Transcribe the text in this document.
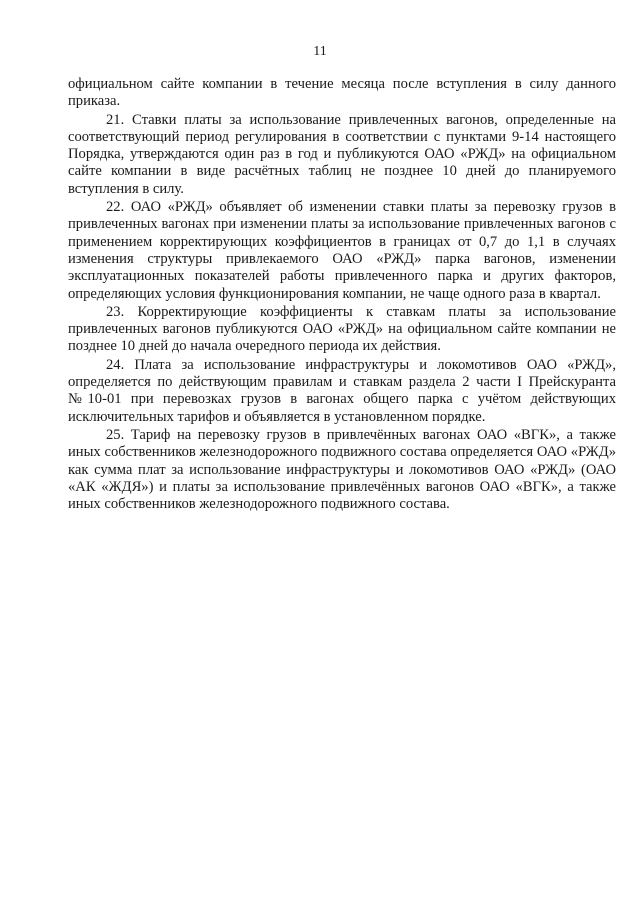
11

официальном сайте компании в течение месяца после вступления в силу данного приказа.

21. Ставки платы за использование привлеченных вагонов, определенные на соответствующий период регулирования в соответствии с пунктами 9-14 настоящего Порядка, утверждаются один раз в год и публикуются ОАО «РЖД» на официальном сайте компании в виде расчётных таблиц не позднее 10 дней до планируемого вступления в силу.

22. ОАО «РЖД» объявляет об изменении ставки платы за перевозку грузов в привлеченных вагонах при изменении платы за использование привлеченных вагонов с применением корректирующих коэффициентов в границах от 0,7 до 1,1 в случаях изменения структуры привлекаемого ОАО «РЖД» парка вагонов, изменении эксплуатационных показателей работы привлеченного парка и других факторов, определяющих условия функционирования компании, не чаще одного раза в квартал.

23. Корректирующие коэффициенты к ставкам платы за использование привлеченных вагонов публикуются ОАО «РЖД» на официальном сайте компании не позднее 10 дней до начала очередного периода их действия.

24. Плата за использование инфраструктуры и локомотивов ОАО «РЖД», определяется по действующим правилам и ставкам раздела 2 части I Прейскуранта №10-01 при перевозках грузов в вагонах общего парка с учётом действующих исключительных тарифов и объявляется в установленном порядке.

25. Тариф на перевозку грузов в привлечённых вагонах ОАО «ВГК», а также иных собственников железнодорожного подвижного состава определяется ОАО «РЖД» как сумма плат за использование инфраструктуры и локомотивов ОАО «РЖД» (ОАО «АК «ЖДЯ») и платы за использование привлечённых вагонов ОАО «ВГК», а также иных собственников железнодорожного подвижного состава.
